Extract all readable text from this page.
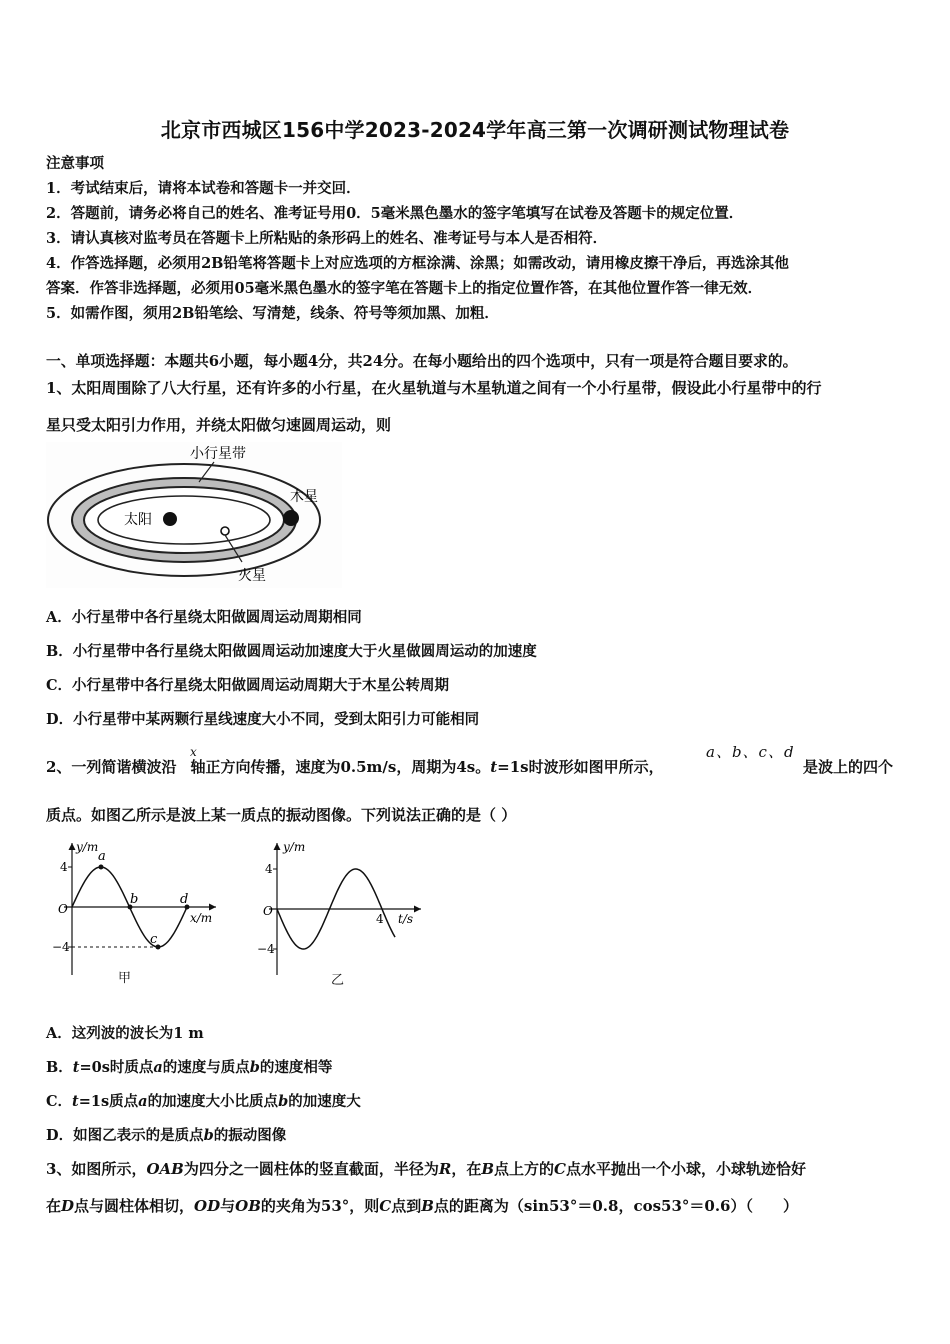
北京市西城区156中学2023-2024学年高三第一次调研测试物理试卷
注意事项
1．考试结束后，请将本试卷和答题卡一并交回．
2．答题前，请务必将自己的姓名、准考证号用0．5毫米黑色墨水的签字笔填写在试卷及答题卡的规定位置．
3．请认真核对监考员在答题卡上所粘贴的条形码上的姓名、准考证号与本人是否相符．
4．作答选择题，必须用2B铅笔将答题卡上对应选项的方框涂满、涂黑；如需改动，请用橡皮擦干净后，再选涂其他
答案．作答非选择题，必须用05毫米黑色墨水的签字笔在答题卡上的指定位置作答，在其他位置作答一律无效．
5．如需作图，须用2B铅笔绘、写清楚，线条、符号等须加黑、加粗．
一、单项选择题：本题共6小题，每小题4分，共24分。在每小题给出的四个选项中，只有一项是符合题目要求的。
1、太阳周围除了八大行星，还有许多的小行星，在火星轨道与木星轨道之间有一个小行星带，假设此小行星带中的行
星只受太阳引力作用，并绕太阳做匀速圆周运动，则
小行星带
木星
太阳
火星
A．小行星带中各行星绕太阳做圆周运动周期相同
B．小行星带中各行星绕太阳做圆周运动加速度大于火星做圆周运动的加速度
C．小行星带中各行星绕太阳做圆周运动周期大于木星公转周期
D．小行星带中某两颗行星线速度大小不同，受到太阳引力可能相同
2、一列简谐横波沿 轴正方向传播，速度为0.5m/s，周期为4s。t=1s时波形如图甲所示，
x	a、b、c、d
是波上的四个
质点。如图乙所示是波上某一质点的振动图像。下列说法正确的是（ ）
y/m
x/m
O
4
−4
a
b
c
d
甲
y/m
t/s
O
4
−4
4
乙
A．这列波的波长为1 m
B．t=0s时质点a的速度与质点b的速度相等
C．t=1s质点a的加速度大小比质点b的加速度大
D．如图乙表示的是质点b的振动图像
3、如图所示，OAB为四分之一圆柱体的竖直截面，半径为R，在B点上方的C点水平抛出一个小球，小球轨迹恰好
在D点与圆柱体相切，OD与OB的夹角为53°，则C点到B点的距离为（sin53°＝0.8，cos53°＝0.6）（　　）
